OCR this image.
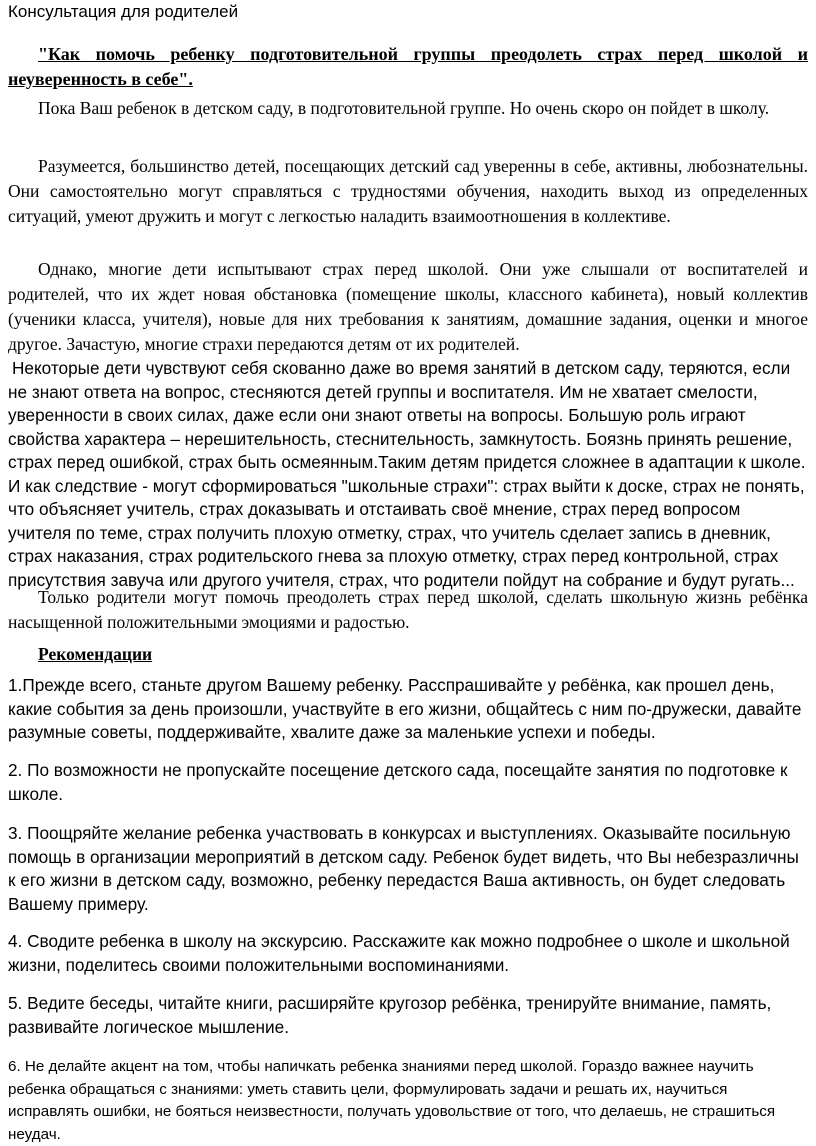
Консультация для родителей

"Как помочь ребенку подготовительной группы преодолеть страх перед школой и неуверенность в себе".

Пока Ваш ребенок в детском саду, в подготовительной группе. Но очень скоро он пойдет в школу.

Разумеется, большинство детей, посещающих детский сад уверенны в себе, активны, любознательны. Они самостоятельно могут справляться с трудностями обучения, находить выход из определенных ситуаций, умеют дружить и могут с легкостью наладить взаимоотношения в коллективе.

Однако, многие дети испытывают страх перед школой. Они уже слышали от воспитателей и родителей, что их ждет новая обстановка (помещение школы, классного кабинета), новый коллектив (ученики класса, учителя), новые для них требования к занятиям, домашние задания, оценки и многое другое. Зачастую, многие страхи передаются детям от их родителей.

Некоторые дети чувствуют себя скованно даже во время занятий в детском саду, теряются, если не знают ответа на вопрос, стесняются детей группы и воспитателя. Им не хватает смелости, уверенности в своих силах, даже если они знают ответы на вопросы. Большую роль играют свойства характера – нерешительность, стеснительность, замкнутость. Боязнь принять решение, страх перед ошибкой, страх быть осмеянным.Таким детям придется сложнее в адаптации к школе. И как следствие - могут сформироваться "школьные страхи": страх выйти к доске, страх не понять, что объясняет учитель, страх доказывать и отстаивать своё мнение, страх перед вопросом учителя по теме, страх получить плохую отметку, страх, что учитель сделает запись в дневник, страх наказания, страх родительского гнева за плохую отметку, страх перед контрольной, страх присутствия завуча или другого учителя, страх, что родители пойдут на собрание и будут ругать...

Только родители могут помочь преодолеть страх перед школой, сделать школьную жизнь ребёнка насыщенной положительными эмоциями и радостью.

Рекомендации

1.Прежде всего, станьте другом Вашему ребенку. Расспрашивайте у ребёнка, как прошел день, какие события за день произошли, участвуйте в его жизни, общайтесь с ним по-дружески, давайте разумные советы, поддерживайте, хвалите даже за маленькие успехи и победы.

2. По возможности не пропускайте посещение детского сада, посещайте занятия по подготовке к школе.

3. Поощряйте желание ребенка участвовать в конкурсах и выступлениях. Оказывайте посильную помощь в организации мероприятий в детском саду. Ребенок будет видеть, что Вы небезразличны к его жизни в детском саду, возможно, ребенку передастся Ваша активность, он будет следовать Вашему примеру.

4. Сводите ребенка в школу на экскурсию. Расскажите как можно подробнее о школе и школьной жизни, поделитесь своими положительными воспоминаниями.

5. Ведите беседы, читайте книги, расширяйте кругозор ребёнка, тренируйте внимание, память, развивайте логическое мышление.

6. Не делайте акцент на том, чтобы напичкать ребенка знаниями перед школой. Гораздо важнее научить ребенка обращаться с знаниями: уметь ставить цели, формулировать задачи и решать их, научиться исправлять ошибки, не бояться неизвестности, получать удовольствие от того, что делаешь, не страшиться неудач.
